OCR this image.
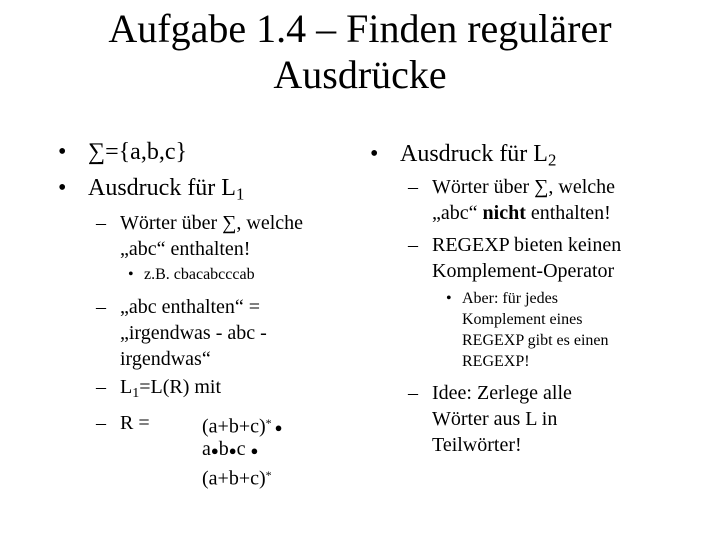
Aufgabe 1.4 – Finden regulärer
Ausdrücke
• ∑={a,b,c}
• Ausdruck für $L_1$
– Wörter über ∑, welche
„abc“ enthalten!
• z.B. cbacabcccab
– „abc enthalten“ =
„irgendwas - abc -
irgendwas“
– $L_1=L(R)$ mit
– R =	(a+b+c)* ●
a●b●c ●
(a+b+c)*
• Ausdruck für $L_2$
– Wörter über ∑, welche
„abc“ nicht enthalten!
– REGEXP bieten keinen
Komplement-Operator
• Aber: für jedes
Komplement eines
REGEXP gibt es einen
REGEXP!
– Idee: Zerlege alle
Wörter aus L in
Teilwörter!
